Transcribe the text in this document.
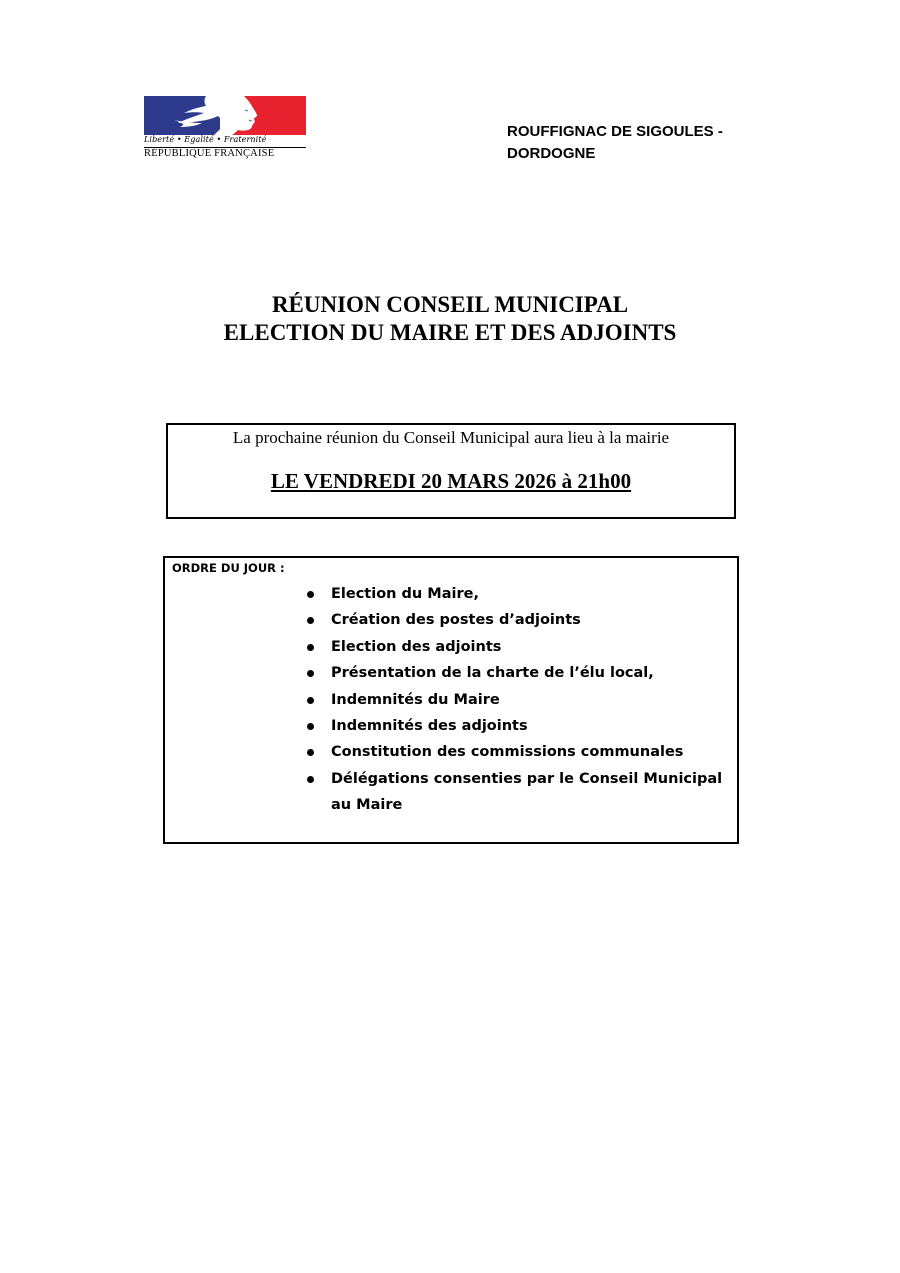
Liberté • Égalité • Fraternité
RÉPUBLIQUE FRANÇAISE
ROUFFIGNAC DE SIGOULES -
DORDOGNE
RÉUNION CONSEIL MUNICIPAL
ELECTION DU MAIRE ET DES ADJOINTS
La prochaine réunion du Conseil Municipal aura lieu à la mairie
LE VENDREDI 20 MARS 2026 à 21h00
ORDRE DU JOUR :
Election du Maire,
Création des postes d’adjoints
Election des adjoints
Présentation de la charte de l’élu local,
Indemnités du Maire
Indemnités des adjoints
Constitution des commissions communales
Délégations consenties par le Conseil Municipal au Maire
